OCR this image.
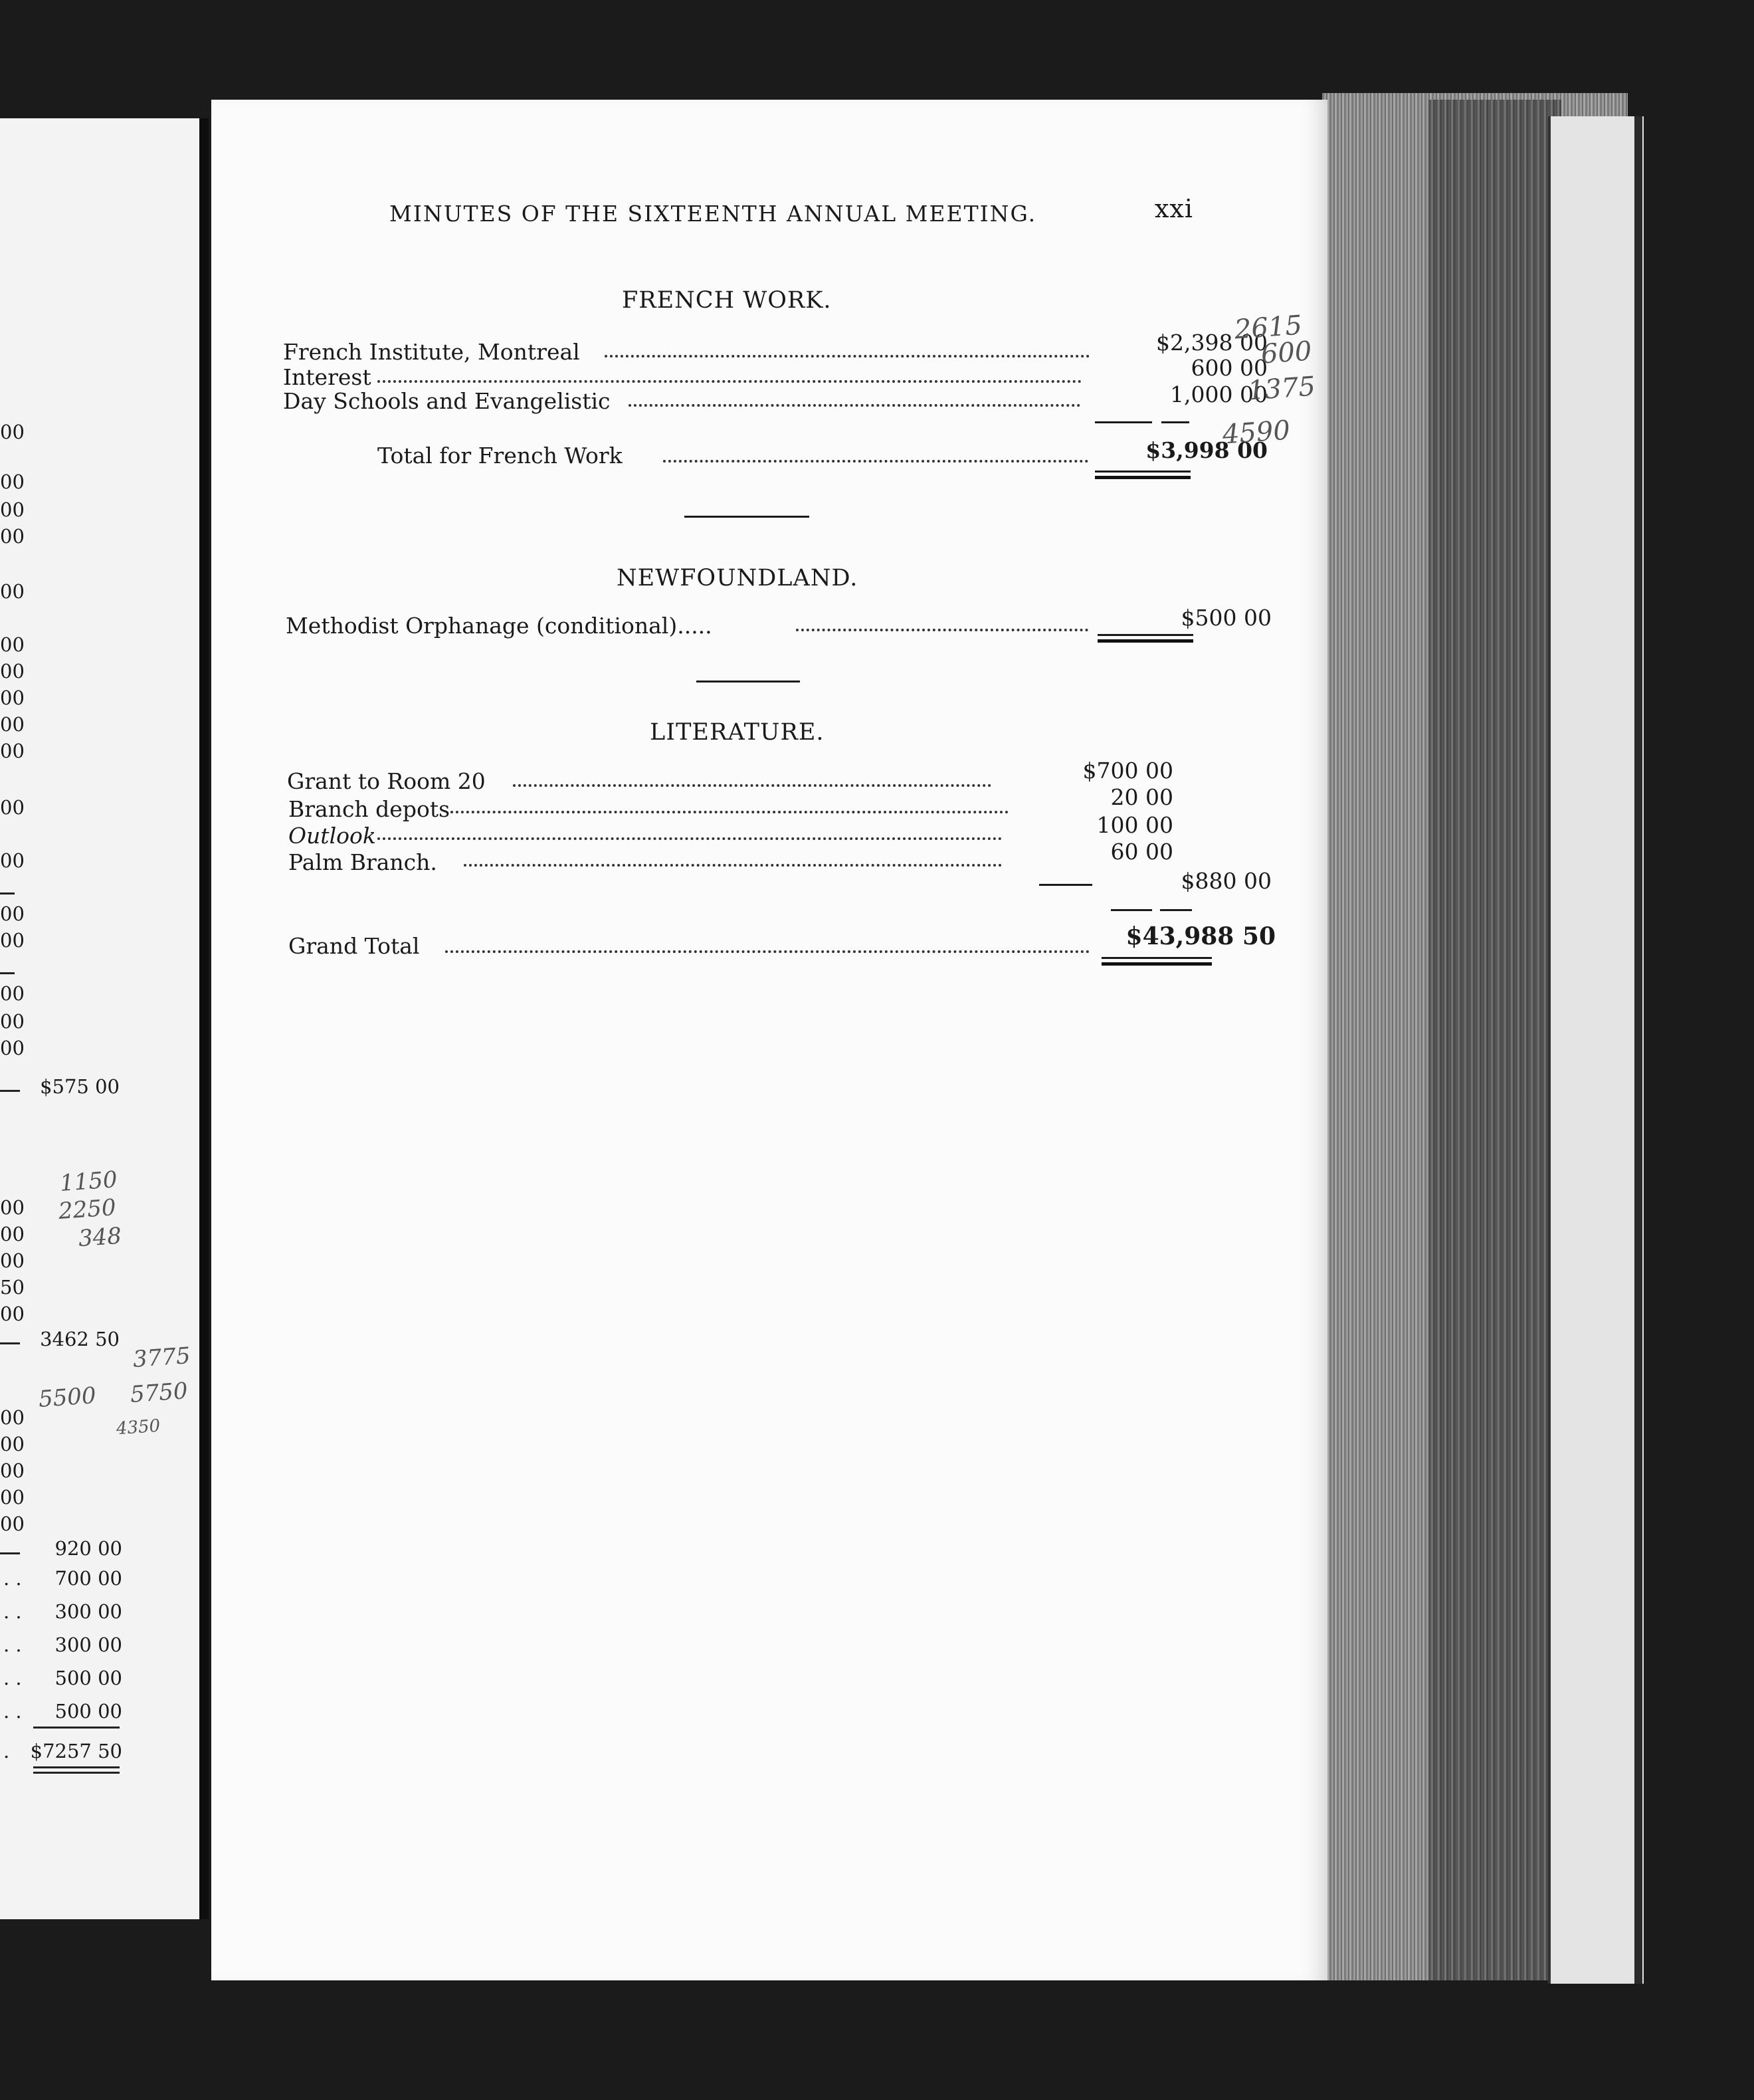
00
00
00
00
00
00
00
00
00
00
00
00
00
00
00
00
00
$575 00
00
00
00
50
00
3462 50
00
00
00
00
00
920 00
. . 700 00
. . 300 00
. . 300 00
. . 500 00
. . 500 00
. $7257 50
1150
2250
348
3775
5500 5750
4350
MINUTES OF THE SIXTEENTH ANNUAL MEETING.	xxi
FRENCH WORK.
French Institute, Montreal	$2,398 00
Interest	600 00
Day Schools and Evangelistic	1,000 00
Total for French Work	$3,998 00
2615
600
1375
4590
NEWFOUNDLAND.
Methodist Orphanage (conditional).....	$500 00
LITERATURE.
Grant to Room 20	$700 00
Branch depots	20 00
Outlook	100 00
Palm Branch.	60 00
$880 00
Grand Total	$43,988 50
